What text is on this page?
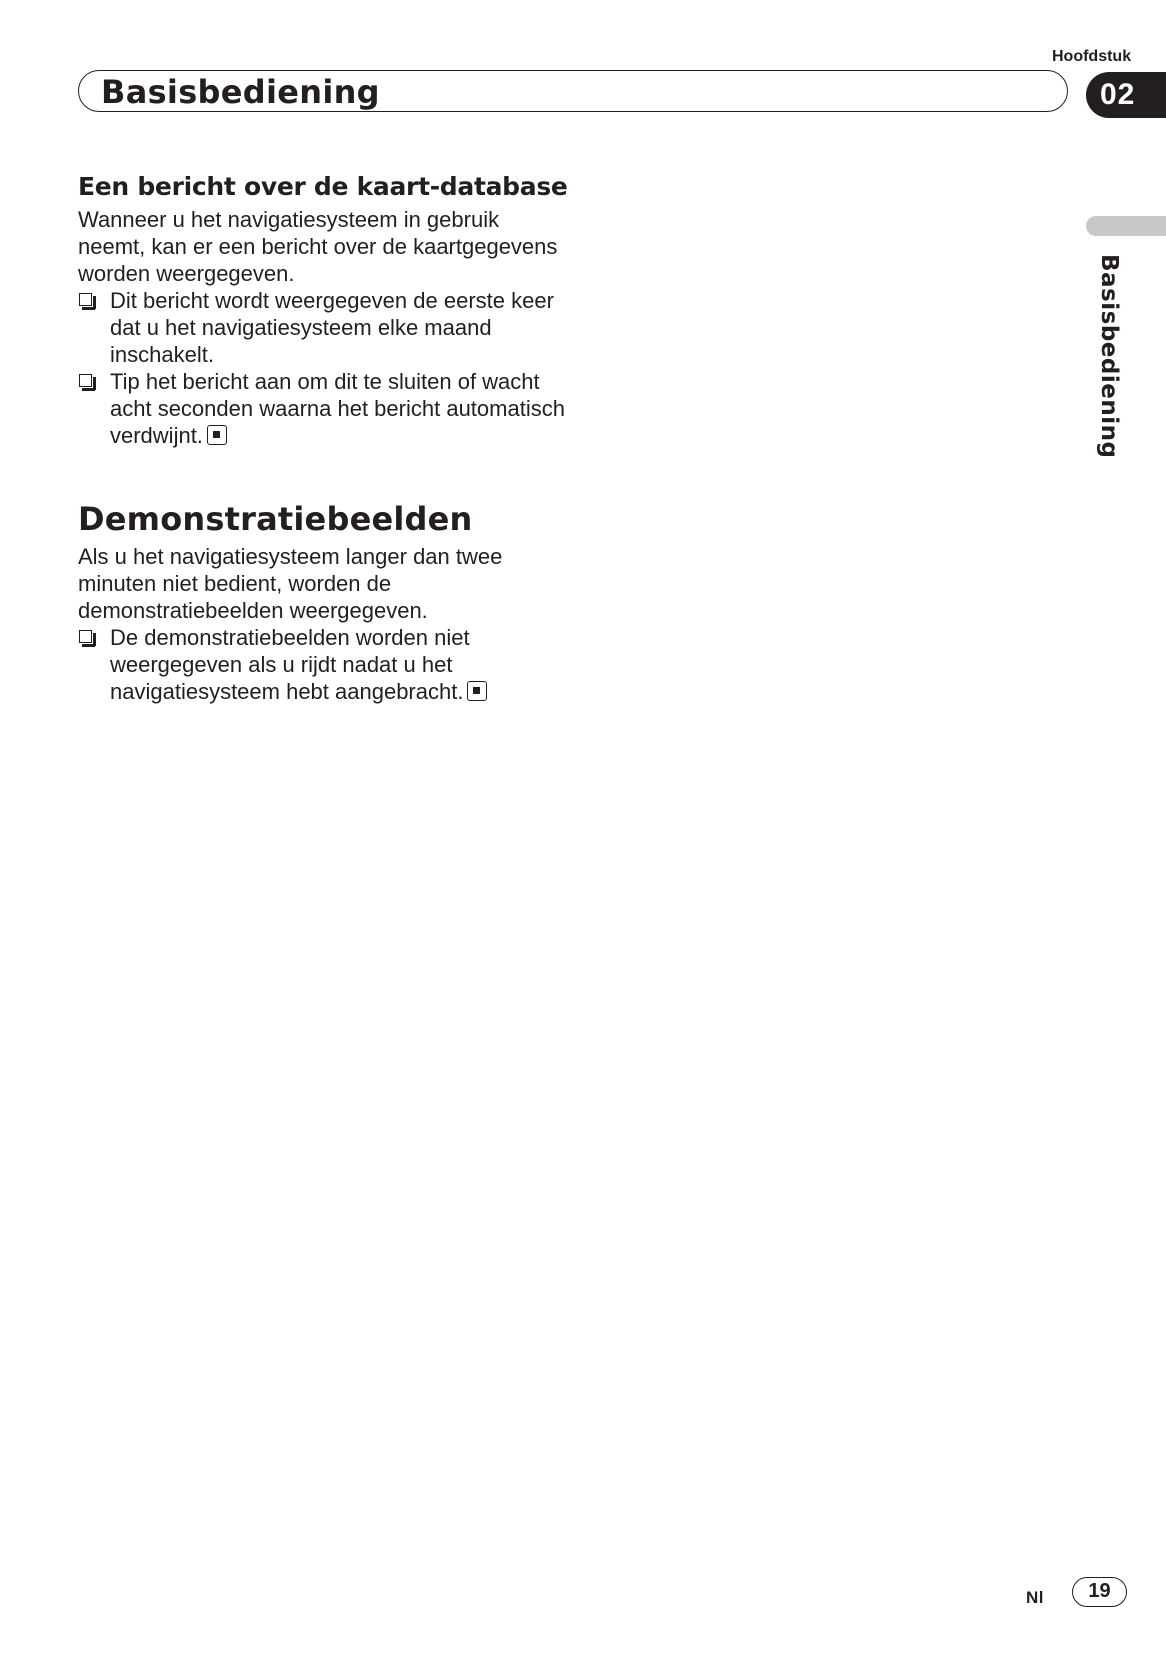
Hoofdstuk
Basisbediening	02
Basisbediening
Een bericht over de kaart-database

Wanneer u het navigatiesysteem in gebruik neemt, kan er een bericht over de kaartgegevens worden weergegeven.

Dit bericht wordt weergegeven de eerste keer dat u het navigatiesysteem elke maand inschakelt.
Tip het bericht aan om dit te sluiten of wacht acht seconden waarna het bericht automatisch verdwijnt.
Demonstratiebeelden

Als u het navigatiesysteem langer dan twee minuten niet bedient, worden de demonstratiebeelden weergegeven.

De demonstratiebeelden worden niet weergegeven als u rijdt nadat u het navigatiesysteem hebt aangebracht.
Nl	19
